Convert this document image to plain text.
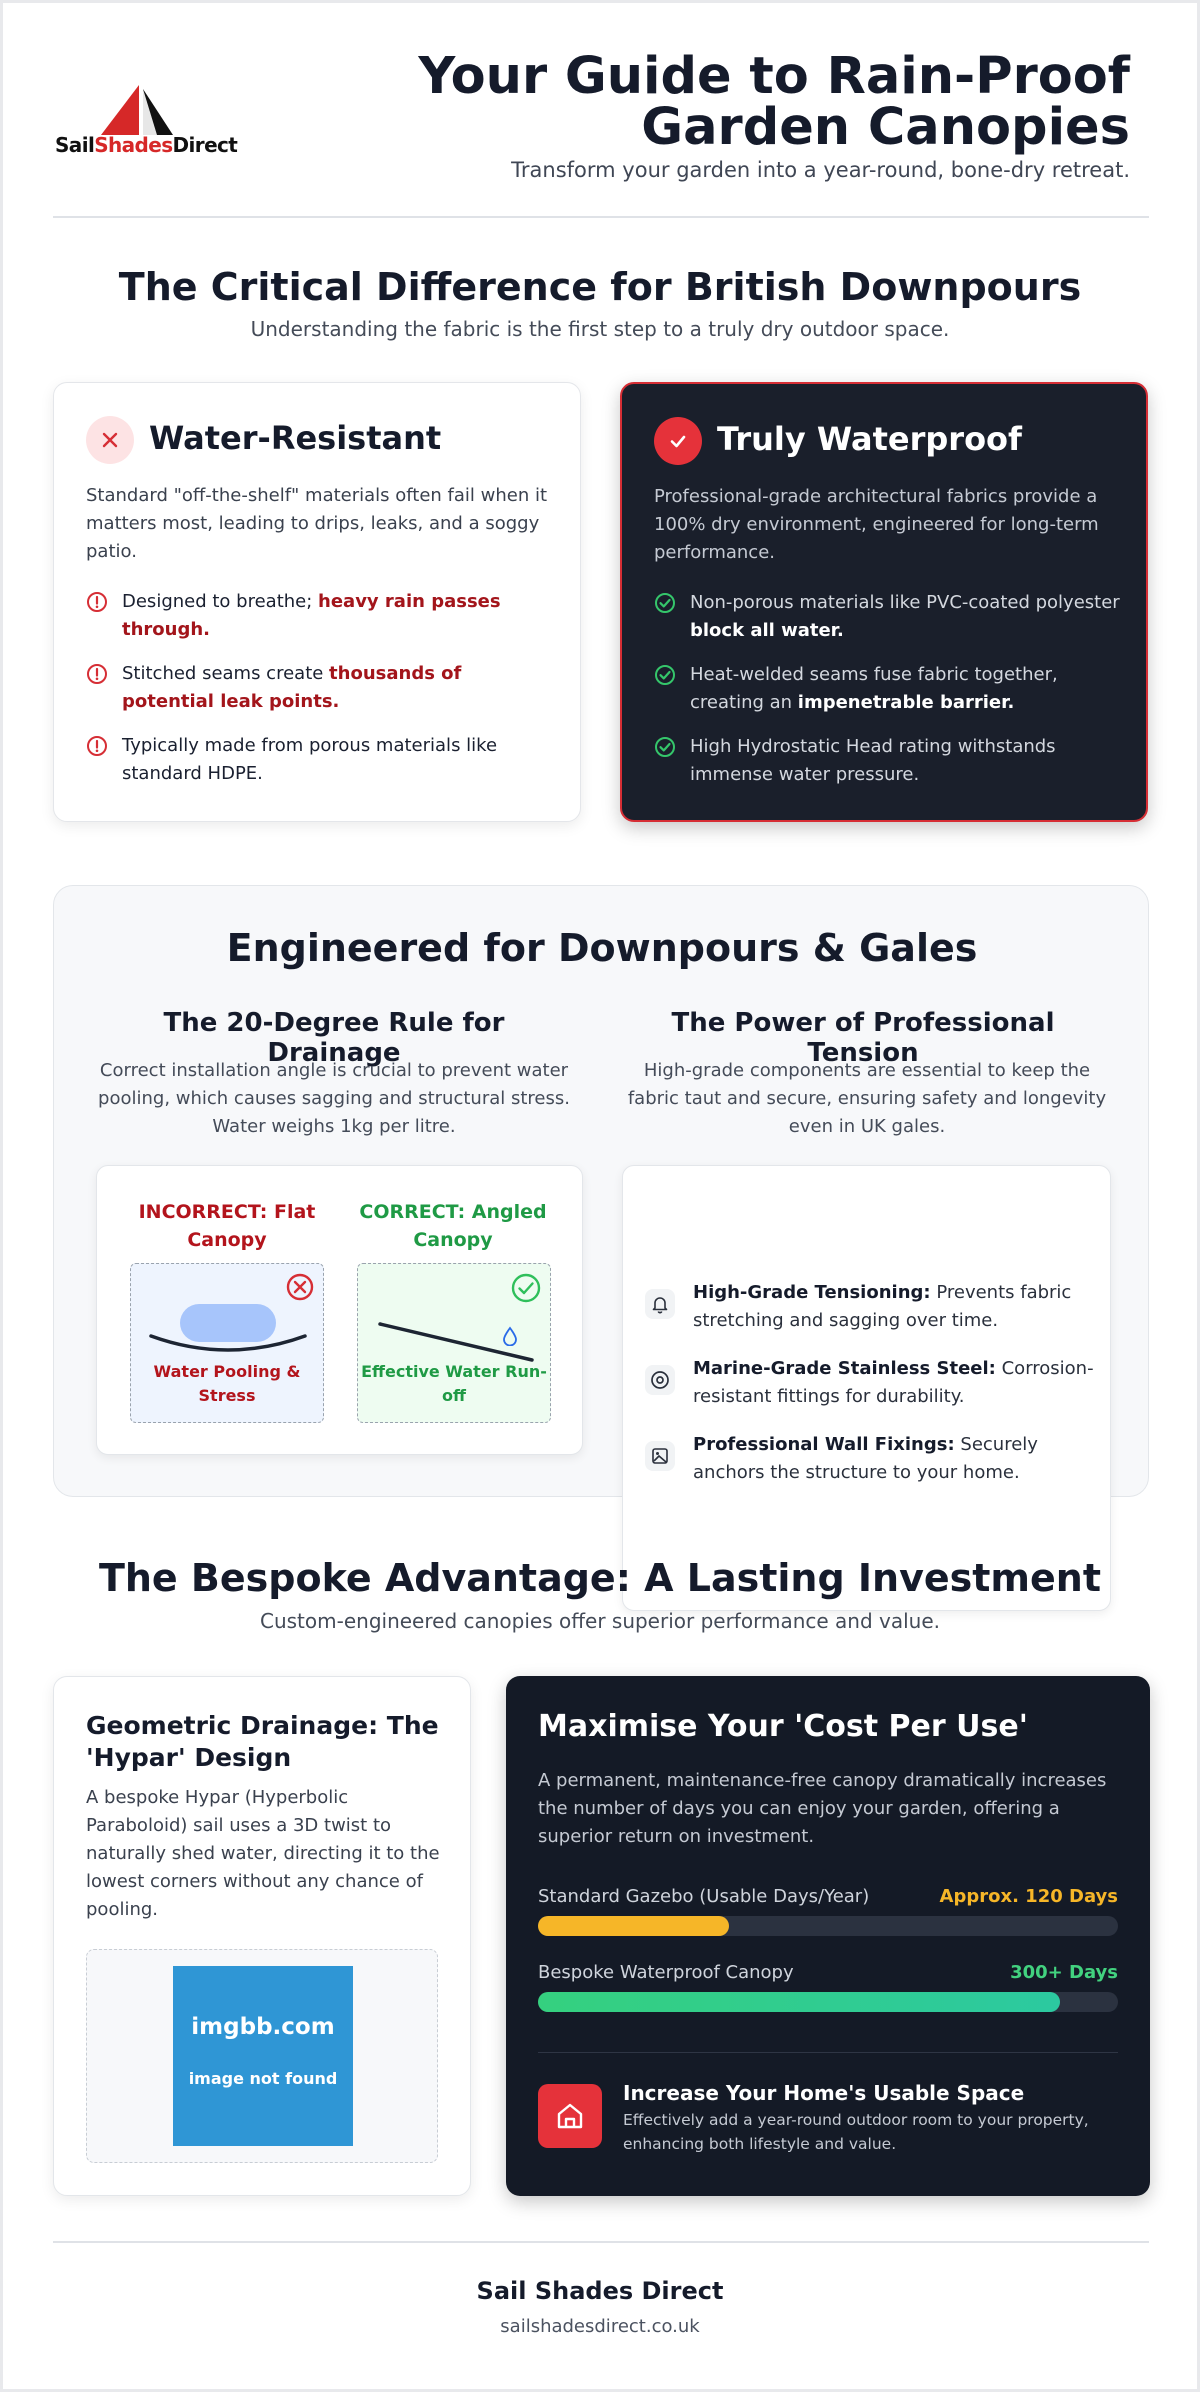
SailShadesDirect
Your Guide to Rain-Proof Garden Canopies
Transform your garden into a year-round, bone-dry retreat.
The Critical Difference for British Downpours
Understanding the fabric is the first step to a truly dry outdoor space.
Water-Resistant
Standard "off-the-shelf" materials often fail when it matters most, leading to drips, leaks, and a soggy patio.
Designed to breathe; heavy rain passes through.
Stitched seams create thousands of potential leak points.
Typically made from porous materials like standard HDPE.
Truly Waterproof
Professional-grade architectural fabrics provide a 100% dry environment, engineered for long-term performance.
Non-porous materials like PVC-coated polyester block all water.
Heat-welded seams fuse fabric together, creating an impenetrable barrier.
High Hydrostatic Head rating withstands immense water pressure.
Engineered for Downpours & Gales
The 20-Degree Rule for Drainage
Correct installation angle is crucial to prevent water pooling, which causes sagging and structural stress. Water weighs 1kg per litre.
The Power of Professional Tension
High-grade components are essential to keep the fabric taut and secure, ensuring safety and longevity even in UK gales.
INCORRECT: Flat Canopy
Water Pooling & Stress
CORRECT: Angled Canopy
Effective Water Run-off
High-Grade Tensioning: Prevents fabric stretching and sagging over time.
Marine-Grade Stainless Steel: Corrosion-resistant fittings for durability.
Professional Wall Fixings: Securely anchors the structure to your home.
The Bespoke Advantage: A Lasting Investment
Custom-engineered canopies offer superior performance and value.
Geometric Drainage: The 'Hypar' Design
A bespoke Hypar (Hyperbolic Paraboloid) sail uses a 3D twist to naturally shed water, directing it to the lowest corners without any chance of pooling.
imgbb.com
image not found
Maximise Your 'Cost Per Use'
A permanent, maintenance-free canopy dramatically increases the number of days you can enjoy your garden, offering a superior return on investment.
Standard Gazebo (Usable Days/Year)	Approx. 120 Days
Bespoke Waterproof Canopy	300+ Days
Increase Your Home's Usable Space
Effectively add a year-round outdoor room to your property, enhancing both lifestyle and value.
Sail Shades Direct
sailshadesdirect.co.uk
